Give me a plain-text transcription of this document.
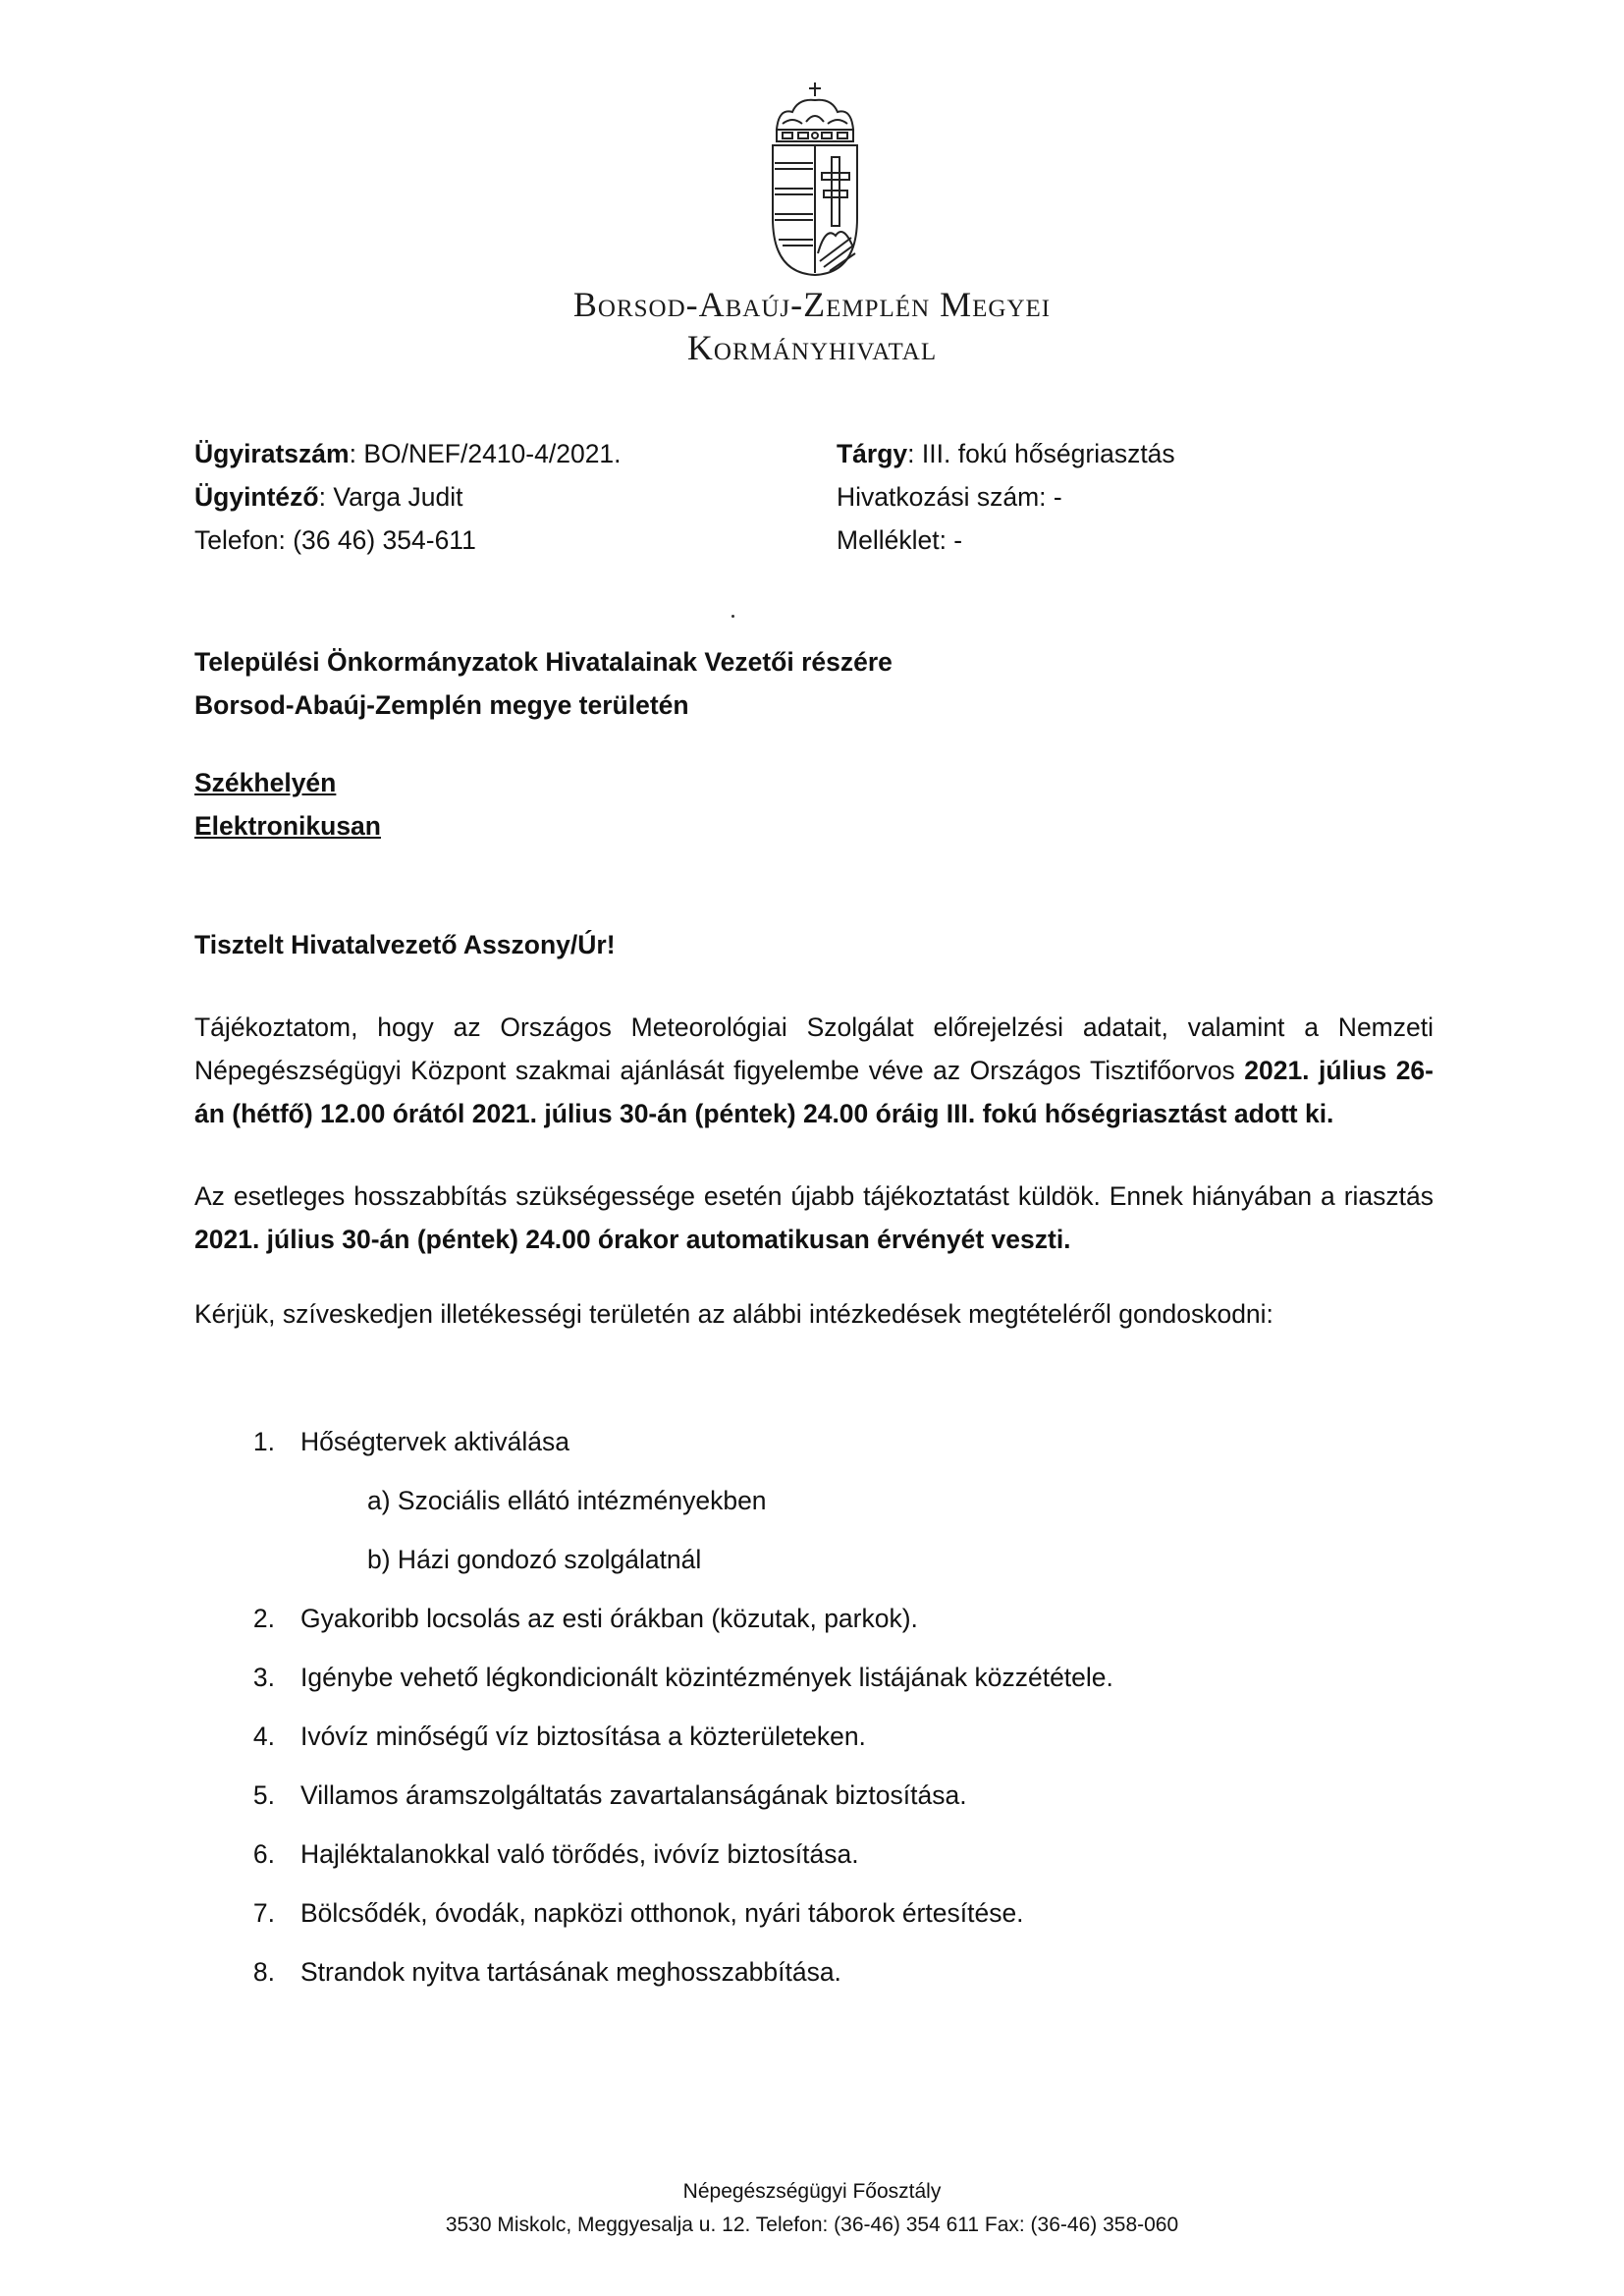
Borsod-Abaúj-Zemplén Megyei
Kormányhivatal
Ügyiratszám: BO/NEF/2410-4/2021.
Ügyintéző: Varga Judit
Telefon: (36 46) 354-611
Tárgy: III. fokú hőségriasztás
Hivatkozási szám: -
Melléklet: -
Települési Önkormányzatok Hivatalainak Vezetői részére
Borsod-Abaúj-Zemplén megye területén
Székhelyén
Elektronikusan
Tisztelt Hivatalvezető Asszony/Úr!
Tájékoztatom, hogy az Országos Meteorológiai Szolgálat előrejelzési adatait, valamint a Nemzeti Népegészségügyi Központ szakmai ajánlását figyelembe véve az Országos Tisztifőorvos 2021. július 26-án (hétfő) 12.00 órától 2021. július 30-án (péntek) 24.00 óráig III. fokú hőségriasztást adott ki.
Az esetleges hosszabbítás szükségessége esetén újabb tájékoztatást küldök. Ennek hiányában a riasztás 2021. július 30-án (péntek) 24.00 órakor automatikusan érvényét veszti.
Kérjük, szíveskedjen illetékességi területén az alábbi intézkedések megtételéről gondoskodni:
1. Hőségtervek aktiválása
a) Szociális ellátó intézményekben
b) Házi gondozó szolgálatnál
2. Gyakoribb locsolás az esti órákban (közutak, parkok).
3. Igénybe vehető légkondicionált közintézmények listájának közzététele.
4. Ivóvíz minőségű víz biztosítása a közterületeken.
5. Villamos áramszolgáltatás zavartalanságának biztosítása.
6. Hajléktalanokkal való törődés, ivóvíz biztosítása.
7. Bölcsődék, óvodák, napközi otthonok, nyári táborok értesítése.
8. Strandok nyitva tartásának meghosszabbítása.
Népegészségügyi Főosztály
3530 Miskolc, Meggyesalja u. 12. Telefon: (36-46) 354 611 Fax: (36-46) 358-060
